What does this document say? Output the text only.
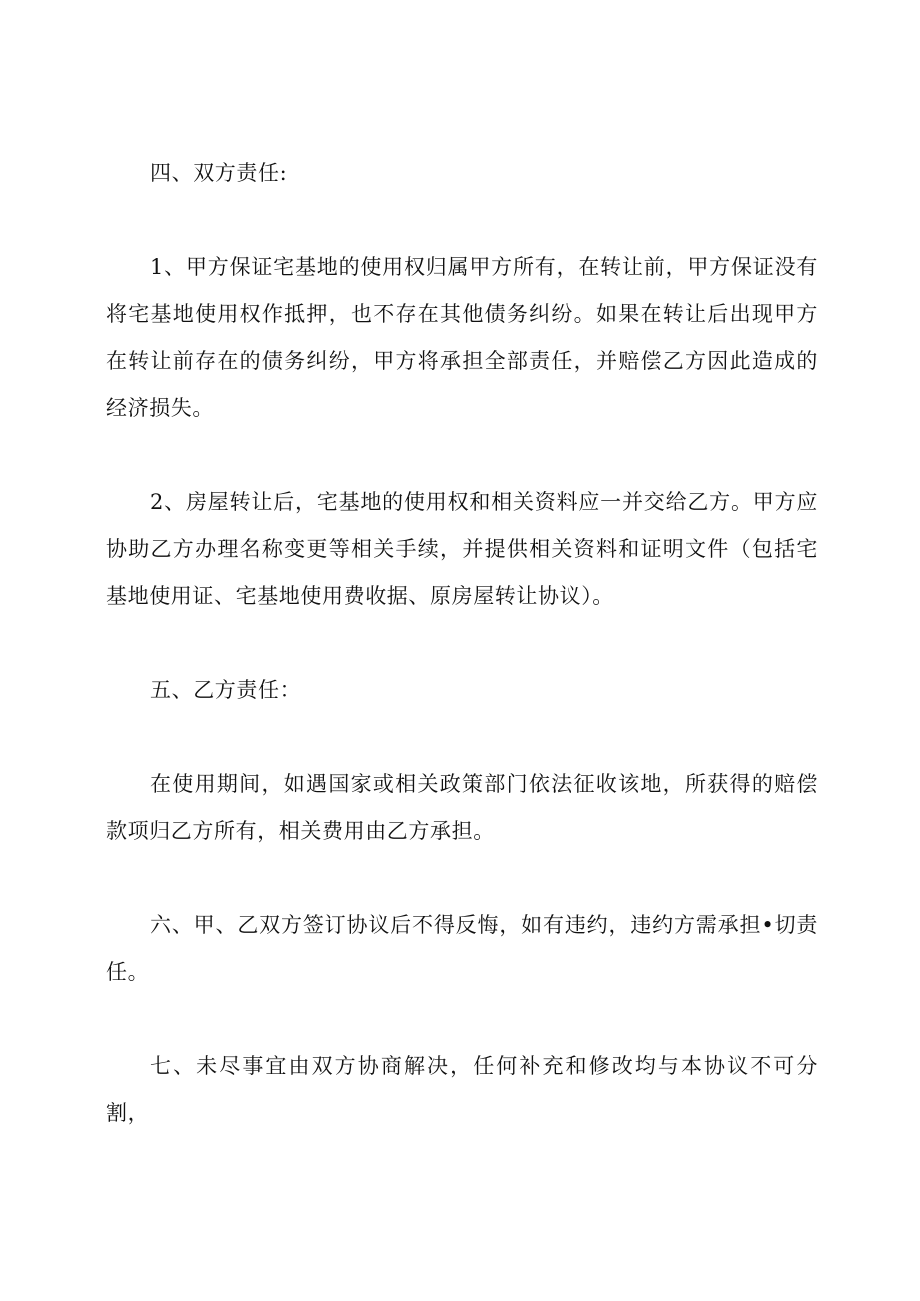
四、双方责任:

1、甲方保证宅基地的使用权归属甲方所有，在转让前，甲方保证没有将宅基地使用权作抵押，也不存在其他债务纠纷。如果在转让后出现甲方在转让前存在的债务纠纷，甲方将承担全部责任，并赔偿乙方因此造成的经济损失。

2、房屋转让后，宅基地的使用权和相关资料应一并交给乙方。甲方应协助乙方办理名称变更等相关手续，并提供相关资料和证明文件（包括宅基地使用证、宅基地使用费收据、原房屋转让协议）。

五、乙方责任：

在使用期间，如遇国家或相关政策部门依法征收该地，所获得的赔偿款项归乙方所有，相关费用由乙方承担。

六、甲、乙双方签订协议后不得反悔，如有违约，违约方需承担•切责任。

七、未尽事宜由双方协商解决，任何补充和修改均与本协议不可分割，
